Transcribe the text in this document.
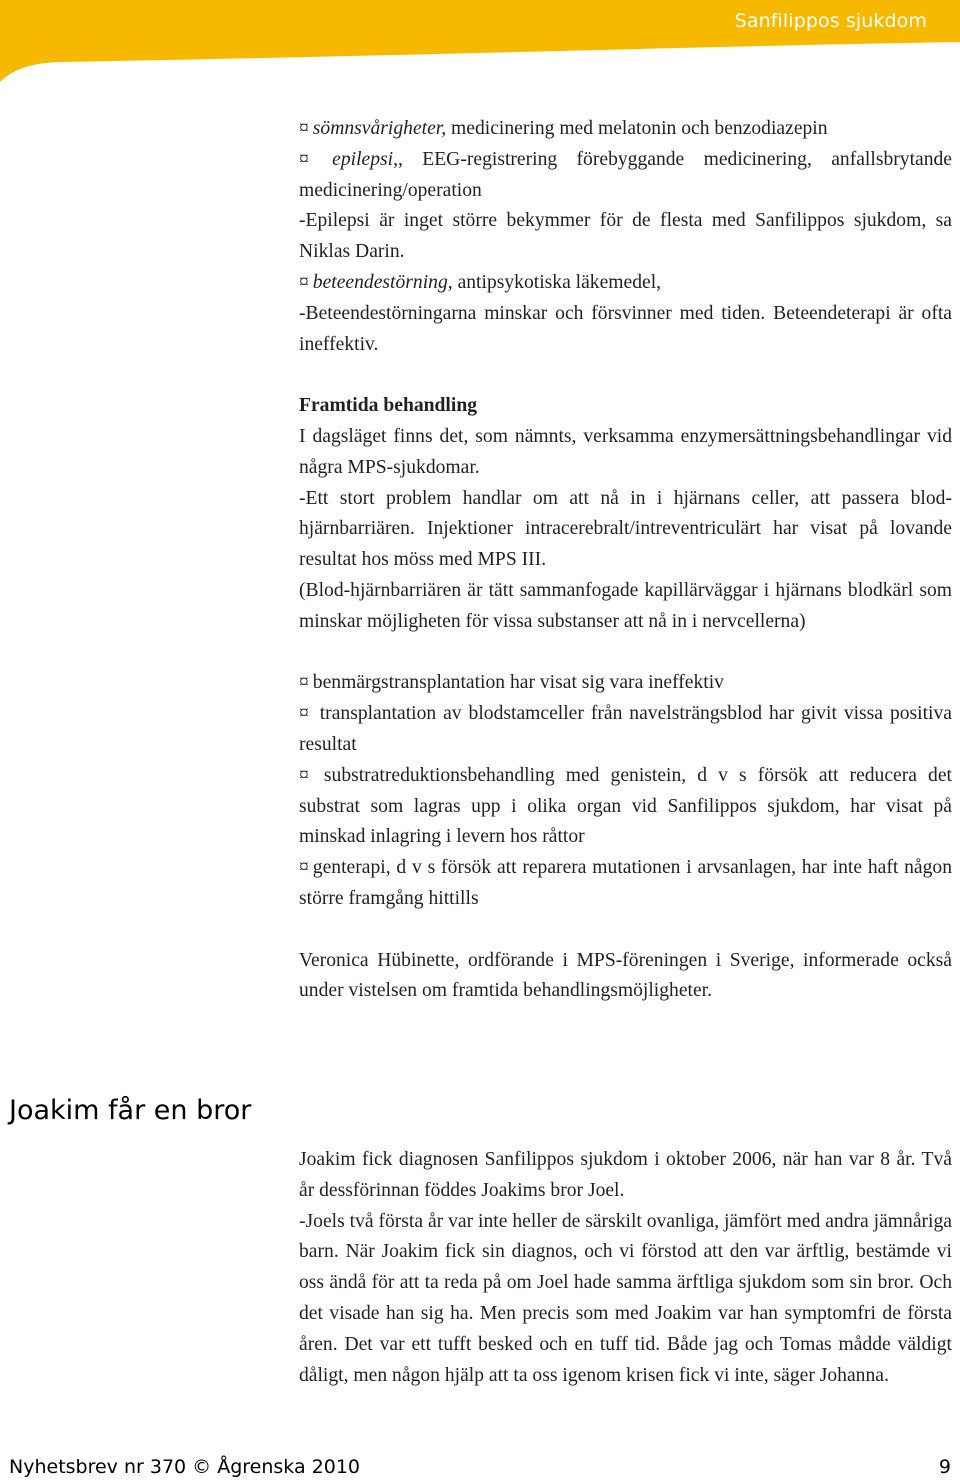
Sanfilippos sjukdom

¤ sömnsvårigheter, medicinering med melatonin och benzodiazepin

¤ epilepsi,, EEG-registrering förebyggande medicinering, anfallsbrytande medicinering/operation

-Epilepsi är inget större bekymmer för de flesta med Sanfilippos sjukdom, sa Niklas Darin.

¤ beteendestörning, antipsykotiska läkemedel,

-Beteendestörningarna minskar och försvinner med tiden. Beteendeterapi är ofta ineffektiv.

Framtida behandling

I dagsläget finns det, som nämnts, verksamma enzymersättningsbehandlingar vid några MPS-sjukdomar.

-Ett stort problem handlar om att nå in i hjärnans celler, att passera blod-hjärnbarriären. Injektioner intracerebralt/intreventriculärt har visat på lovande resultat hos möss med MPS III.

(Blod-hjärnbarriären är tätt sammanfogade kapillärväggar i hjärnans blodkärl som minskar möjligheten för vissa substanser att nå in i nervcellerna)

¤ benmärgstransplantation har visat sig vara ineffektiv

¤ transplantation av blodstamceller från navelsträngsblod har givit vissa positiva resultat

¤ substratreduktionsbehandling med genistein, d v s försök att reducera det substrat som lagras upp i olika organ vid Sanfilippos sjukdom, har visat på minskad inlagring i levern hos råttor

¤ genterapi, d v s försök att reparera mutationen i arvsanlagen, har inte haft någon större framgång hittills

Veronica Hübinette, ordförande i MPS-föreningen i Sverige, informerade också under vistelsen om framtida behandlingsmöjligheter.

Joakim får en bror

Joakim fick diagnosen Sanfilippos sjukdom i oktober 2006, när han var 8 år. Två år dessförinnan föddes Joakims bror Joel.

-Joels två första år var inte heller de särskilt ovanliga, jämfört med andra jämnåriga barn. När Joakim fick sin diagnos, och vi förstod att den var ärftlig, bestämde vi oss ändå för att ta reda på om Joel hade samma ärftliga sjukdom som sin bror. Och det visade han sig ha. Men precis som med Joakim var han symptomfri de första åren. Det var ett tufft besked och en tuff tid. Både jag och Tomas mådde väldigt dåligt, men någon hjälp att ta oss igenom krisen fick vi inte, säger Johanna.

Nyhetsbrev nr 370 © Ågrenska 2010	9
